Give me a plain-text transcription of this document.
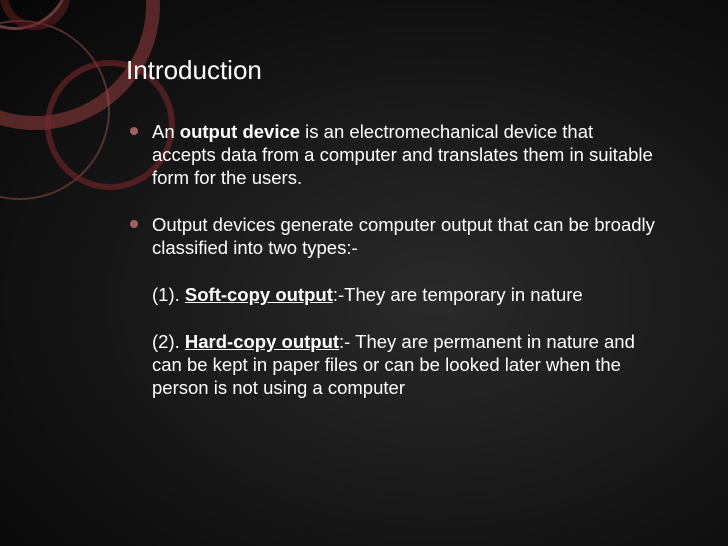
Introduction
An output device is an electromechanical device that
accepts data from a computer and translates them in suitable
form for the users.
Output devices generate computer output that can be broadly
classified into two types:-
(1). Soft-copy output:-They are temporary in nature
(2). Hard-copy output:- They are permanent in nature and
can be kept in paper files or can be looked later when the
person is not using a computer
